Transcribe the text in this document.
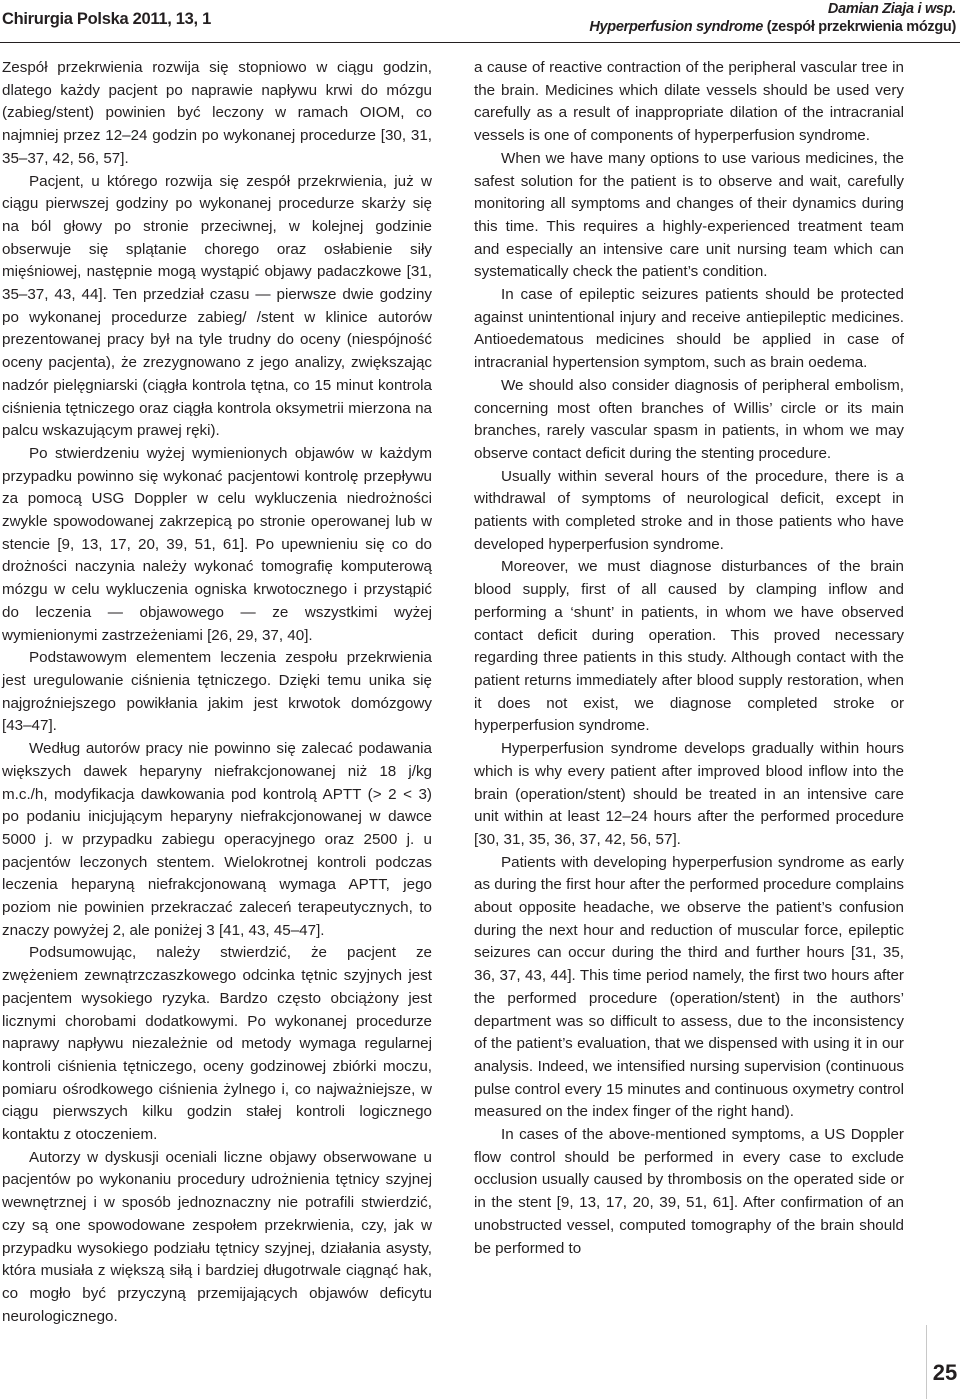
Chirurgia Polska 2011, 13, 1
Damian Ziaja i wsp.
Hyperperfusion syndrome (zespół przekrwienia mózgu)

Zespół przekrwienia rozwija się stopniowo w ciągu godzin, dlatego każdy pacjent po naprawie napływu krwi do mózgu (zabieg/stent) powinien być leczony w ramach OIOM, co najmniej przez 12–24 godzin po wykonanej procedurze [30, 31, 35–37, 42, 56, 57].

Pacjent, u którego rozwija się zespół przekrwienia, już w ciągu pierwszej godziny po wykonanej procedurze skarży się na ból głowy po stronie przeciwnej, w kolejnej godzinie obserwuje się splątanie chorego oraz osłabienie siły mięśniowej, następnie mogą wystąpić objawy padaczkowe [31, 35–37, 43, 44]. Ten przedział czasu — pierwsze dwie godziny po wykonanej procedurze zabieg/ /stent w klinice autorów prezentowanej pracy był na tyle trudny do oceny (niespójność oceny pacjenta), że zrezygnowano z jego analizy, zwiększając nadzór pielęgniarski (ciągła kontrola tętna, co 15 minut kontrola ciśnienia tętniczego oraz ciągła kontrola oksymetrii mierzona na palcu wskazującym prawej ręki).

Po stwierdzeniu wyżej wymienionych objawów w każdym przypadku powinno się wykonać pacjentowi kontrolę przepływu za pomocą USG Doppler w celu wykluczenia niedrożności zwykle spowodowanej zakrzepicą po stronie operowanej lub w stencie [9, 13, 17, 20, 39, 51, 61]. Po upewnieniu się co do drożności naczynia należy wykonać tomografię komputerową mózgu w celu wykluczenia ogniska krwotocznego i przystąpić do leczenia — objawowego — ze wszystkimi wyżej wymienionymi zastrzeżeniami [26, 29, 37, 40].

Podstawowym elementem leczenia zespołu przekrwienia jest uregulowanie ciśnienia tętniczego. Dzięki temu unika się najgroźniejszego powikłania jakim jest krwotok domózgowy [43–47].

Według autorów pracy nie powinno się zalecać podawania większych dawek heparyny niefrakcjonowanej niż 18 j/kg m.c./h, modyfikacja dawkowania pod kontrolą APTT (> 2 < 3) po podaniu inicjującym heparyny niefrakcjonowanej w dawce 5000 j. w przypadku zabiegu operacyjnego oraz 2500 j. u pacjentów leczonych stentem. Wielokrotnej kontroli podczas leczenia heparyną niefrakcjonowaną wymaga APTT, jego poziom nie powinien przekraczać zaleceń terapeutycznych, to znaczy powyżej 2, ale poniżej 3 [41, 43, 45–47].

Podsumowując, należy stwierdzić, że pacjent ze zwężeniem zewnątrzczaszkowego odcinka tętnic szyjnych jest pacjentem wysokiego ryzyka. Bardzo często obciążony jest licznymi chorobami dodatkowymi. Po wykonanej procedurze naprawy napływu niezależnie od metody wymaga regularnej kontroli ciśnienia tętniczego, oceny godzinowej zbiórki moczu, pomiaru ośrodkowego ciśnienia żylnego i, co najważniejsze, w ciągu pierwszych kilku godzin stałej kontroli logicznego kontaktu z otoczeniem.

Autorzy w dyskusji oceniali liczne objawy obserwowane u pacjentów po wykonaniu procedury udrożnienia tętnicy szyjnej wewnętrznej i w sposób jednoznaczny nie potrafili stwierdzić, czy są one spowodowane zespołem przekrwienia, czy, jak w przypadku wysokiego podziału tętnicy szyjnej, działania asysty, która musiała z większą siłą i bardziej długotrwale ciągnąć hak, co mogło być przyczyną przemijających objawów deficytu neurologicznego.

a cause of reactive contraction of the peripheral vascular tree in the brain. Medicines which dilate vessels should be used very carefully as a result of inappropriate dilation of the intracranial vessels is one of components of hyperperfusion syndrome.

When we have many options to use various medicines, the safest solution for the patient is to observe and wait, carefully monitoring all symptoms and changes of their dynamics during this time. This requires a highly-experienced treatment team and especially an intensive care unit nursing team which can systematically check the patient’s condition.

In case of epileptic seizures patients should be protected against unintentional injury and receive antiepileptic medicines. Antioedematous medicines should be applied in case of intracranial hypertension symptom, such as brain oedema.

We should also consider diagnosis of peripheral embolism, concerning most often branches of Willis’ circle or its main branches, rarely vascular spasm in patients, in whom we may observe contact deficit during the stenting procedure.

Usually within several hours of the procedure, there is a withdrawal of symptoms of neurological deficit, except in patients with completed stroke and in those patients who have developed hyperperfusion syndrome.

Moreover, we must diagnose disturbances of the brain blood supply, first of all caused by clamping inflow and performing a ‘shunt’ in patients, in whom we have observed contact deficit during operation. This proved necessary regarding three patients in this study. Although contact with the patient returns immediately after blood supply restoration, when it does not exist, we diagnose completed stroke or hyperperfusion syndrome.

Hyperperfusion syndrome develops gradually within hours which is why every patient after improved blood inflow into the brain (operation/stent) should be treated in an intensive care unit within at least 12–24 hours after the performed procedure [30, 31, 35, 36, 37, 42, 56, 57].

Patients with developing hyperperfusion syndrome as early as during the first hour after the performed procedure complains about opposite headache, we observe the patient’s confusion during the next hour and reduction of muscular force, epileptic seizures can occur during the third and further hours [31, 35, 36, 37, 43, 44]. This time period namely, the first two hours after the performed procedure (operation/stent) in the authors’ department was so difficult to assess, due to the inconsistency of the patient’s evaluation, that we dispensed with using it in our analysis. Indeed, we intensified nursing supervision (continuous pulse control every 15 minutes and continuous oxymetry control measured on the index finger of the right hand).

In cases of the above-mentioned symptoms, a US Doppler flow control should be performed in every case to exclude occlusion usually caused by thrombosis on the operated side or in the stent [9, 13, 17, 20, 39, 51, 61]. After confirmation of an unobstructed vessel, computed tomography of the brain should be performed to

25
